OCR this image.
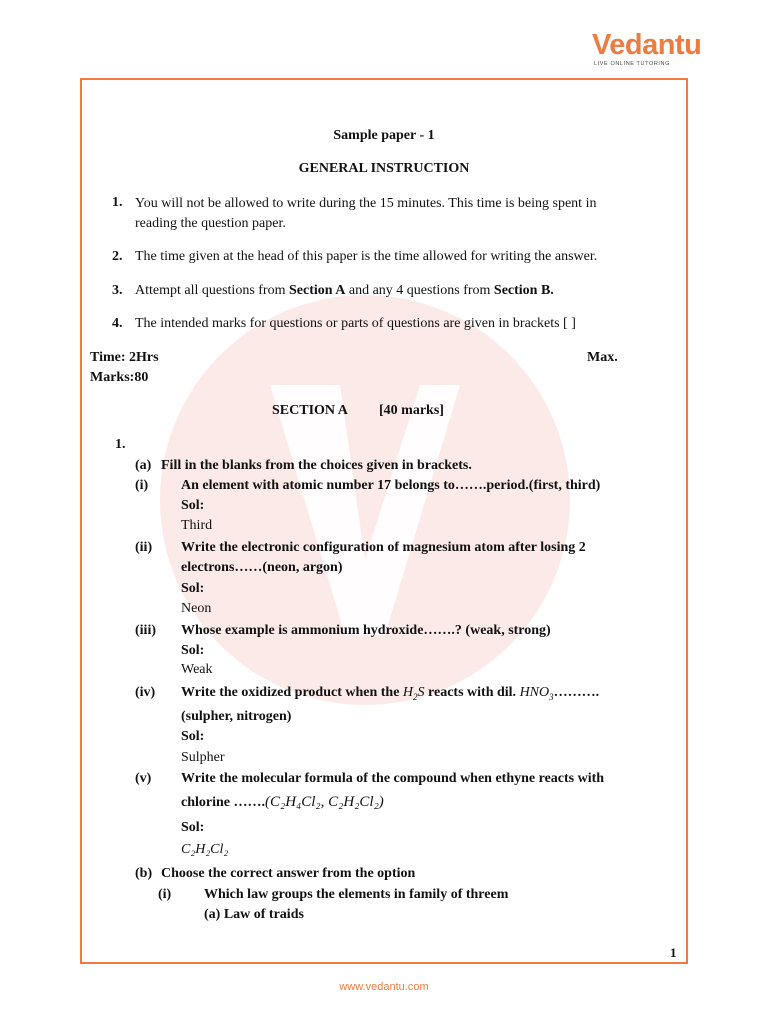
Vedantu
LIVE ONLINE TUTORING
Sample paper - 1
GENERAL INSTRUCTION
1. You will not be allowed to write during the 15 minutes. This time is being spent in reading the question paper.
2. The time given at the head of this paper is the time allowed for writing the answer.
3. Attempt all questions from Section A and any 4 questions from Section B.
4. The intended marks for questions or parts of questions are given in brackets [ ]
Time: 2Hrs	Max.
Marks:80
SECTION A [40 marks]
1.
(a) Fill in the blanks from the choices given in brackets.
(i) An element with atomic number 17 belongs to…….period.(first, third)
Sol:
Third
(ii) Write the electronic configuration of magnesium atom after losing 2
electrons……(neon, argon)
Sol:
Neon
(iii) Whose example is ammonium hydroxide…….? (weak, strong)
Sol:
Weak
(iv) Write the oxidized product when the $H_2S$ reacts with dil. $HNO_3\dots\dots\dots$.
(sulpher, nitrogen)
Sol:
Sulpher
(v) Write the molecular formula of the compound when ethyne reacts with
chlorine …….(C₂H₄Cl₂, C₂H₂Cl₂)
Sol:
C₂H₂Cl₂
(b) Choose the correct answer from the option
(i) Which law groups the elements in family of threem
(a) Law of traids
1
www.vedantu.com
